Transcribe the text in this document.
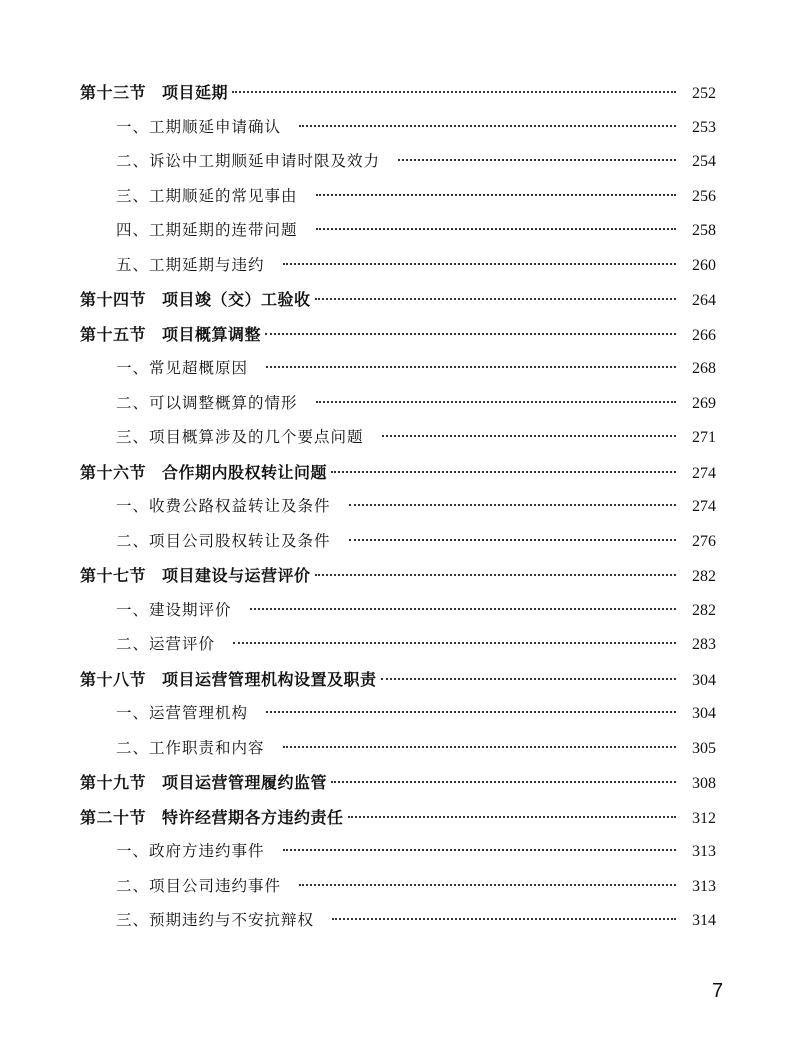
第十三节 项目延期	252
一、工期顺延申请确认	253
二、诉讼中工期顺延申请时限及效力	254
三、工期顺延的常见事由	256
四、工期延期的连带问题	258
五、工期延期与违约	260
第十四节 项目竣（交）工验收	264
第十五节 项目概算调整	266
一、常见超概原因	268
二、可以调整概算的情形	269
三、项目概算涉及的几个要点问题	271
第十六节 合作期内股权转让问题	274
一、收费公路权益转让及条件	274
二、项目公司股权转让及条件	276
第十七节 项目建设与运营评价	282
一、建设期评价	282
二、运营评价	283
第十八节 项目运营管理机构设置及职责	304
一、运营管理机构	304
二、工作职责和内容	305
第十九节 项目运营管理履约监管	308
第二十节 特许经营期各方违约责任	312
一、政府方违约事件	313
二、项目公司违约事件	313
三、预期违约与不安抗辩权	314
7
